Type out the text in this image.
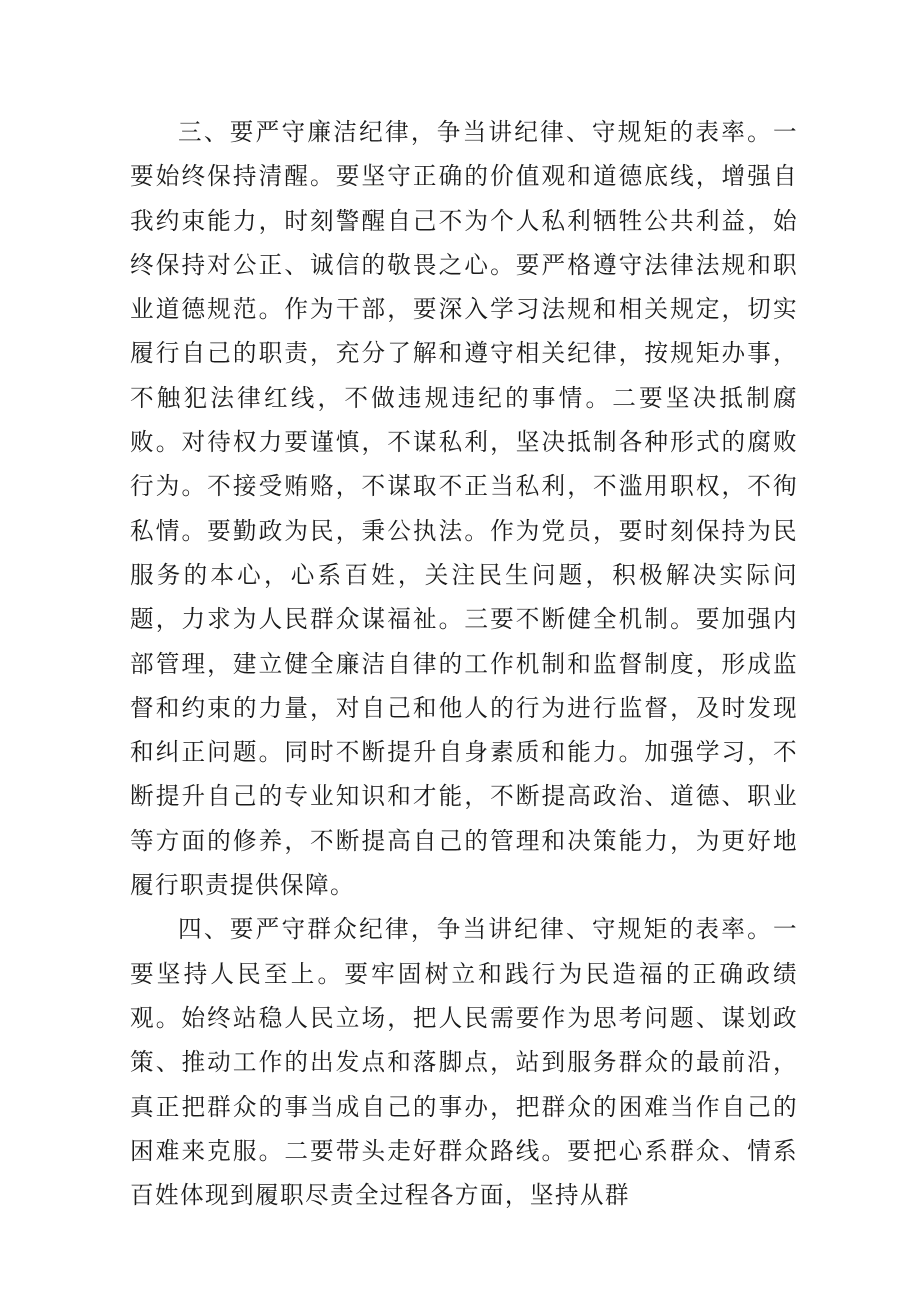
三、要严守廉洁纪律，争当讲纪律、守规矩的表率。一要始终保持清醒。要坚守正确的价值观和道德底线，增强自我约束能力，时刻警醒自己不为个人私利牺牲公共利益，始终保持对公正、诚信的敬畏之心。要严格遵守法律法规和职业道德规范。作为干部，要深入学习法规和相关规定，切实履行自己的职责，充分了解和遵守相关纪律，按规矩办事，不触犯法律红线，不做违规违纪的事情。二要坚决抵制腐败。对待权力要谨慎，不谋私利，坚决抵制各种形式的腐败行为。不接受贿赂，不谋取不正当私利，不滥用职权，不徇私情。要勤政为民，秉公执法。作为党员，要时刻保持为民服务的本心，心系百姓，关注民生问题，积极解决实际问题，力求为人民群众谋福祉。三要不断健全机制。要加强内部管理，建立健全廉洁自律的工作机制和监督制度，形成监督和约束的力量，对自己和他人的行为进行监督，及时发现和纠正问题。同时不断提升自身素质和能力。加强学习，不断提升自己的专业知识和才能，不断提高政治、道德、职业等方面的修养，不断提高自己的管理和决策能力，为更好地履行职责提供保障。

四、要严守群众纪律，争当讲纪律、守规矩的表率。一要坚持人民至上。要牢固树立和践行为民造福的正确政绩观。始终站稳人民立场，把人民需要作为思考问题、谋划政策、推动工作的出发点和落脚点，站到服务群众的最前沿，真正把群众的事当成自己的事办，把群众的困难当作自己的困难来克服。二要带头走好群众路线。要把心系群众、情系百姓体现到履职尽责全过程各方面，坚持从群
